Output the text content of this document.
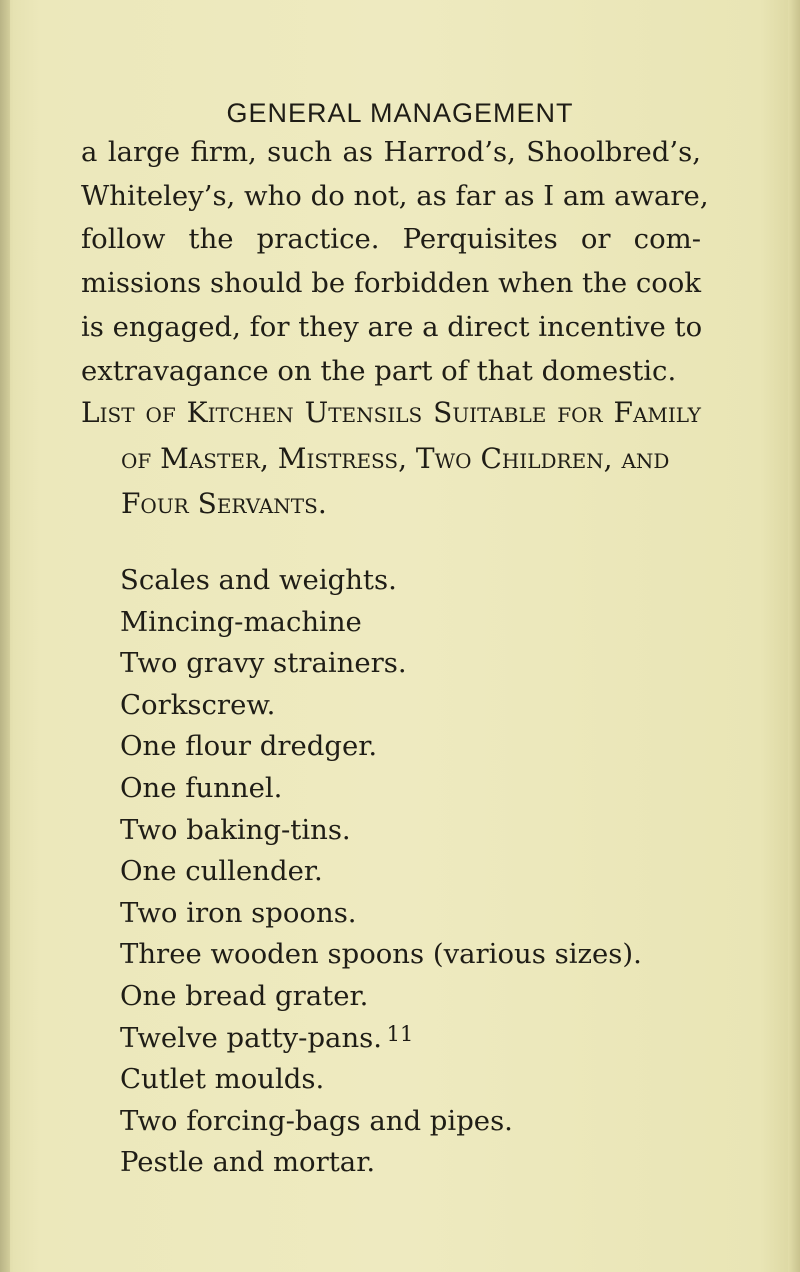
GENERAL MANAGEMENT
a large firm, such as Harrod’s, Shoolbred’s,
Whiteley’s, who do not, as far as I am aware,
follow the practice. Perquisites or com-
missions should be forbidden when the cook
is engaged, for they are a direct incentive to
extravagance on the part of that domestic.
List of Kitchen Utensils Suitable for Family
of Master, Mistress, Two Children, and
Four Servants.
Scales and weights.
Mincing-machine
Two gravy strainers.
Corkscrew.
One flour dredger.
One funnel.
Two baking-tins.
One cullender.
Two iron spoons.
Three wooden spoons (various sizes).
One bread grater.
Twelve patty-pans.
Cutlet moulds.
Two forcing-bags and pipes.
Pestle and mortar.
11
